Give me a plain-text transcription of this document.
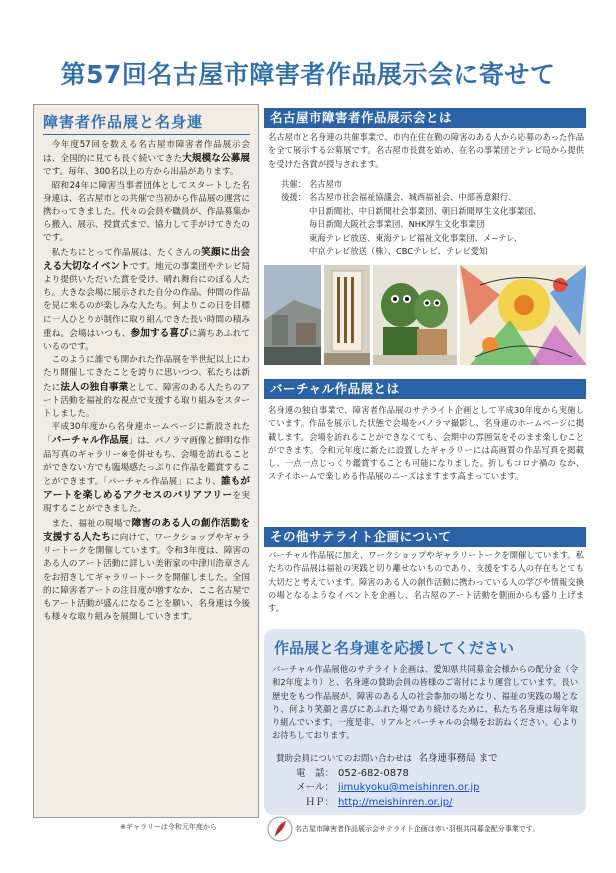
第57回名古屋市障害者作品展示会に寄せて
障害者作品展と名身連

今年度57回を数える名古屋市障害者作品展示会は、全国的に見ても長く続いてきた大規模な公募展です。毎年、300名以上の方から出品があります。

昭和24年に障害当事者団体としてスタートした名身連は、名古屋市との共催で当初から作品展の運営に携わってきました。代々の会員や職員が、作品募集から搬入、展示、授賞式まで、協力して手がけてきたのです。

私たちにとって作品展は、たくさんの笑顔に出会える大切なイベントです。地元の事業団やテレビ局より提供いただいた賞を受け、晴れ舞台にのぼる人たち。大きな会場に展示された自分の作品、仲間の作品を見に来るのが楽しみな人たち。何よりこの日を目標に一人ひとりが制作に取り組んできた長い時間の積み重ね。会場はいつも、参加する喜びに満ちあふれているのです。

このように誰でも開かれた作品展を半世紀以上にわたり開催してきたことを誇りに思いつつ、私たちは新たに法人の独自事業として、障害のある人たちのアート活動を福祉的な視点で支援する取り組みをスタートしました。

平成30年度から名身連ホームページに新設された「バーチャル作品展」は、パノラマ画像と鮮明な作品写真のギャラリー※を併せもち、会場を訪れることができない方でも臨場感たっぷりに作品を鑑賞することができます。「バーチャル作品展」により、誰もがアートを楽しめるアクセスのバリアフリーを実現することができました。

また、福祉の現場で障害のある人の創作活動を支援する人たちに向けて、ワークショップやギャラリートークを開催しています。令和3年度は、障害のある人のアート活動に詳しい美術家の中津川浩章さんをお招きしてギャラリートークを開催しました。全国的に障害者アートの注目度が増すなか、ここ名古屋でもアート活動が盛んになることを願い、名身連は今後も様々な取り組みを展開していきます。

※ギャラリーは令和元年度から
名古屋市障害者作品展示会とは
名古屋市と名身連の共催事業で、市内在住在勤の障害のある人から応募のあった作品を全て展示する公募展です。名古屋市長賞を始め、在名の事業団とテレビ局から提供を受けた各賞が授与されます。
共催： 名古屋市
後援： 名古屋市社会福祉協議会、城西福祉会、中部善意銀行、
中日新聞社、中日新聞社会事業団、朝日新聞厚生文化事業団、
毎日新聞大阪社会事業団、NHK厚生文化事業団
東海テレビ放送、東海テレビ福祉文化事業団、メ~テレ、
中京テレビ放送（株）、CBCテレビ、テレビ愛知
バーチャル作品展とは
名身連の独自事業で、障害者作品展のサテライト企画として平成30年度から実施しています。作品を展示した状態で会場をパノラマ撮影し、名身連のホームページに掲載します。会場を訪れることができなくても、会期中の雰囲気をそのまま楽しむことができます。令和元年度に新たに設置したギャラリーには高画質の作品写真を掲載し、一点一点じっくり鑑賞することも可能になりました。折しもコロナ禍の なか、ステイホームで楽しめる作品展のニーズはますます高まっています。
その他サテライト企画について
バーチャル作品展に加え、ワークショップやギャラリートークを開催しています。私たちの作品展は福祉の実践と切り離せないものであり、支援をする人の存在もとても大切だと考えています。障害のある人の創作活動に携わっている人の学びや情報交換の場となるようなイベントを企画し、名古屋のアート活動を側面からも盛り上げます。
作品展と名身連を応援してください

バーチャル作品展他のサテライト企画は、愛知県共同募金会様からの配分金（令和2年度より）と、名身連の賛助会員の皆様のご寄付により運営しています。長い歴史をもつ作品展が、障害のある人の社会参加の場となり、福祉の実践の場となり、何より笑顔と喜びにあふれた場であり続けるために、私たち名身連は毎年取り組んでいます。一度是非、リアルとバーチャルの会場をお訪ねください。心よりお待ちしております。

賛助会員についてのお問い合わせは 名身連事務局 まで
電　話： 052-682-0878
メール： jimukyoku@meishinren.or.jp
ＨＰ： http://meishinren.or.jp/
名古屋市障害者作品展示会サテライト企画は赤い羽根共同募金配分事業です。
